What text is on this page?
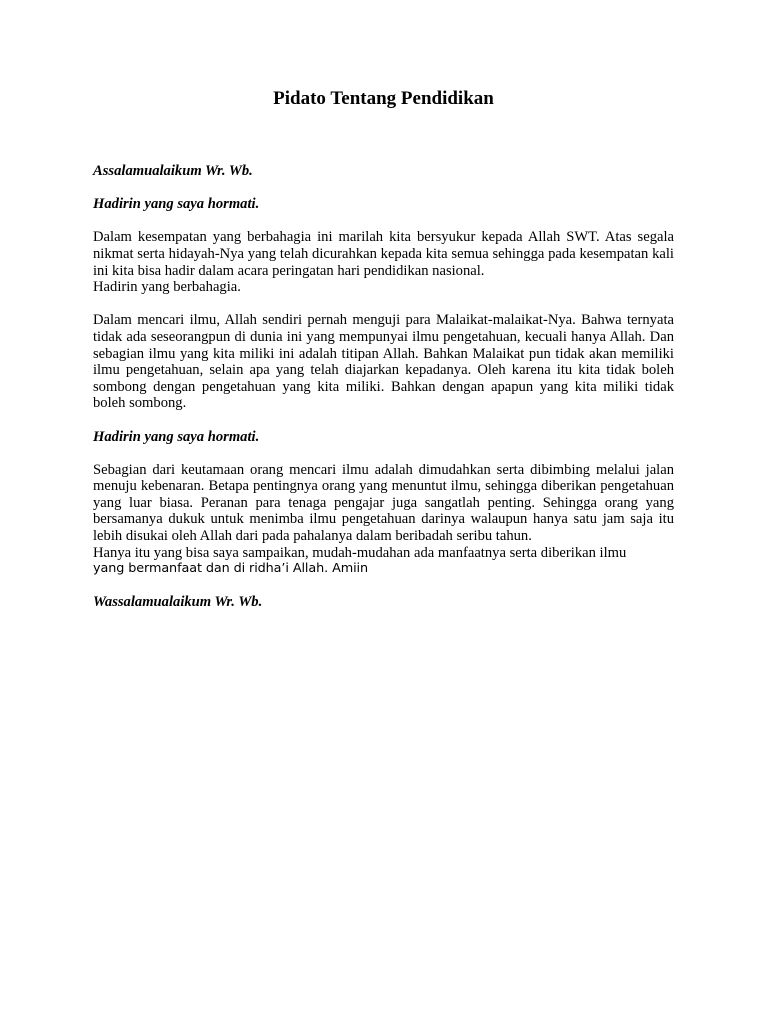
Pidato Tentang Pendidikan

Assalamualaikum Wr. Wb.

Hadirin yang saya hormati.

Dalam kesempatan yang berbahagia ini marilah kita bersyukur kepada Allah SWT. Atas segala nikmat serta hidayah-Nya yang telah dicurahkan kepada kita semua sehingga pada kesempatan kali ini kita bisa hadir dalam acara peringatan hari pendidikan nasional.

Hadirin yang berbahagia.

Dalam mencari ilmu, Allah sendiri pernah menguji para Malaikat-malaikat-Nya. Bahwa ternyata tidak ada seseorangpun di dunia ini yang mempunyai ilmu pengetahuan, kecuali hanya Allah. Dan sebagian ilmu yang kita miliki ini adalah titipan Allah. Bahkan Malaikat pun tidak akan memiliki ilmu pengetahuan, selain apa yang telah diajarkan kepadanya. Oleh karena itu kita tidak boleh sombong dengan pengetahuan yang kita miliki. Bahkan dengan apapun yang kita miliki tidak boleh sombong.

Hadirin yang saya hormati.

Sebagian dari keutamaan orang mencari ilmu adalah dimudahkan serta dibimbing melalui jalan menuju kebenaran. Betapa pentingnya orang yang menuntut ilmu, sehingga diberikan pengetahuan yang luar biasa. Peranan para tenaga pengajar juga sangatlah penting. Sehingga orang yang bersamanya dukuk untuk menimba ilmu pengetahuan darinya walaupun hanya satu jam saja itu lebih disukai oleh Allah dari pada pahalanya dalam beribadah seribu tahun.

Hanya itu yang bisa saya sampaikan, mudah-mudahan ada manfaatnya serta diberikan ilmu

yang bermanfaat dan di ridha’i Allah. Amiin

Wassalamualaikum Wr. Wb.
